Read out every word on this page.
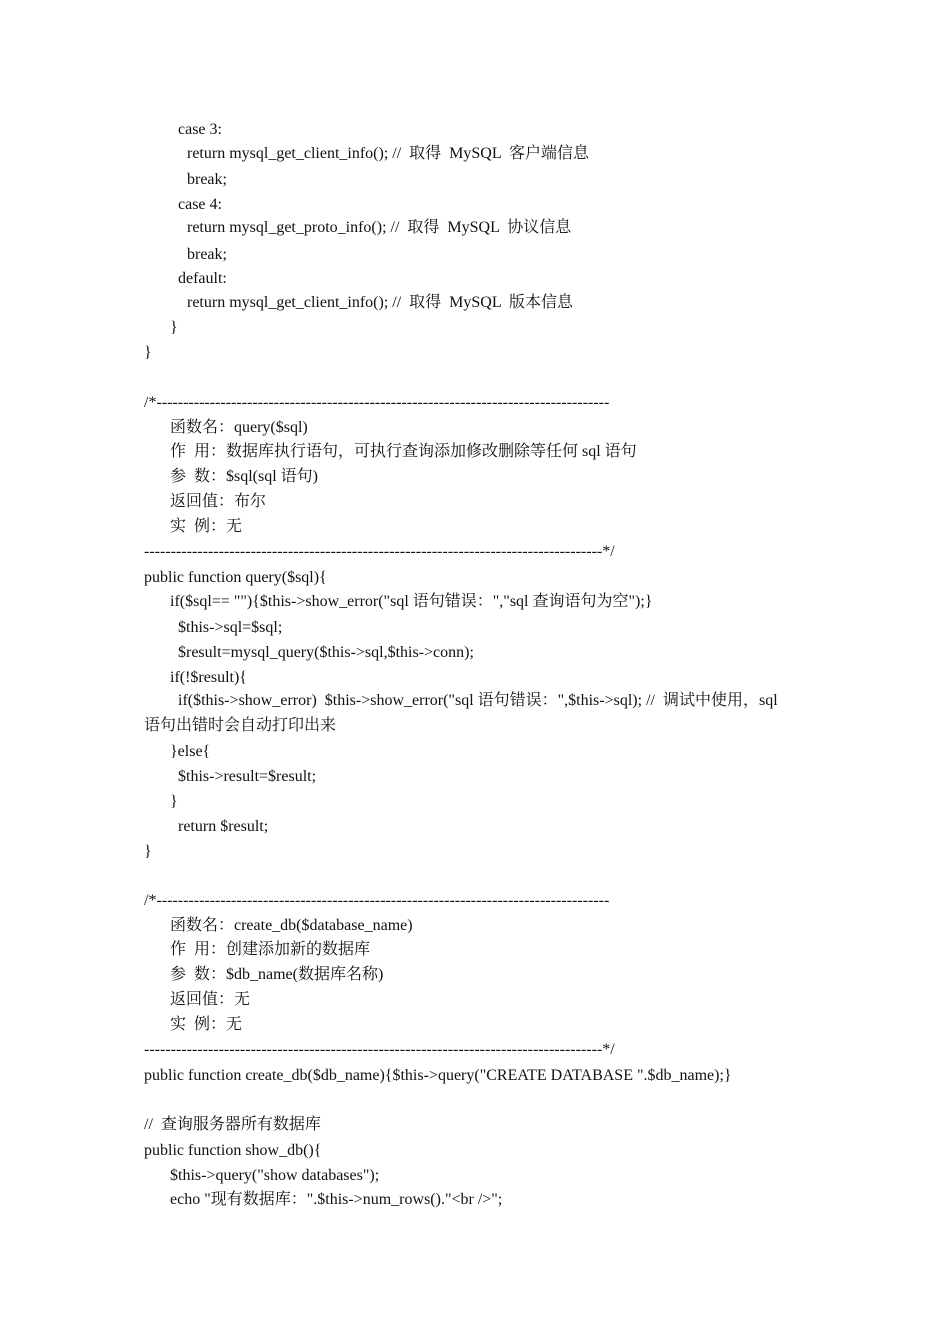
case 3:
return mysql_get_client_info(); //  取得  MySQL  客户端信息
break;
case 4:
return mysql_get_proto_info(); //  取得  MySQL  协议信息
break;
default:
return mysql_get_client_info(); //  取得  MySQL  版本信息
}
}
/*-------------------------------------------------------------------------------------
函数名：query($sql)
作  用：数据库执行语句，可执行查询添加修改删除等任何 sql 语句
参  数：$sql(sql 语句)
返回值：布尔
实  例：无
--------------------------------------------------------------------------------------*/
public function query($sql){
if($sql== ""){$this->show_error("sql 语句错误：","sql 查询语句为空");}
$this->sql=$sql;
$result=mysql_query($this->sql,$this->conn);
if(!$result){
if($this->show_error)  $this->show_error("sql 语句错误：",$this->sql); //  调试中使用，sql
语句出错时会自动打印出来
}else{
$this->result=$result;
}
return $result;
}
/*-------------------------------------------------------------------------------------
函数名：create_db($database_name)
作  用：创建添加新的数据库
参  数：$db_name(数据库名称)
返回值：无
实  例：无
--------------------------------------------------------------------------------------*/
public function create_db($db_name){$this->query("CREATE DATABASE ".$db_name);}
//  查询服务器所有数据库
public function show_db(){
$this->query("show databases");
echo "现有数据库：".$this->num_rows()."<br />";
